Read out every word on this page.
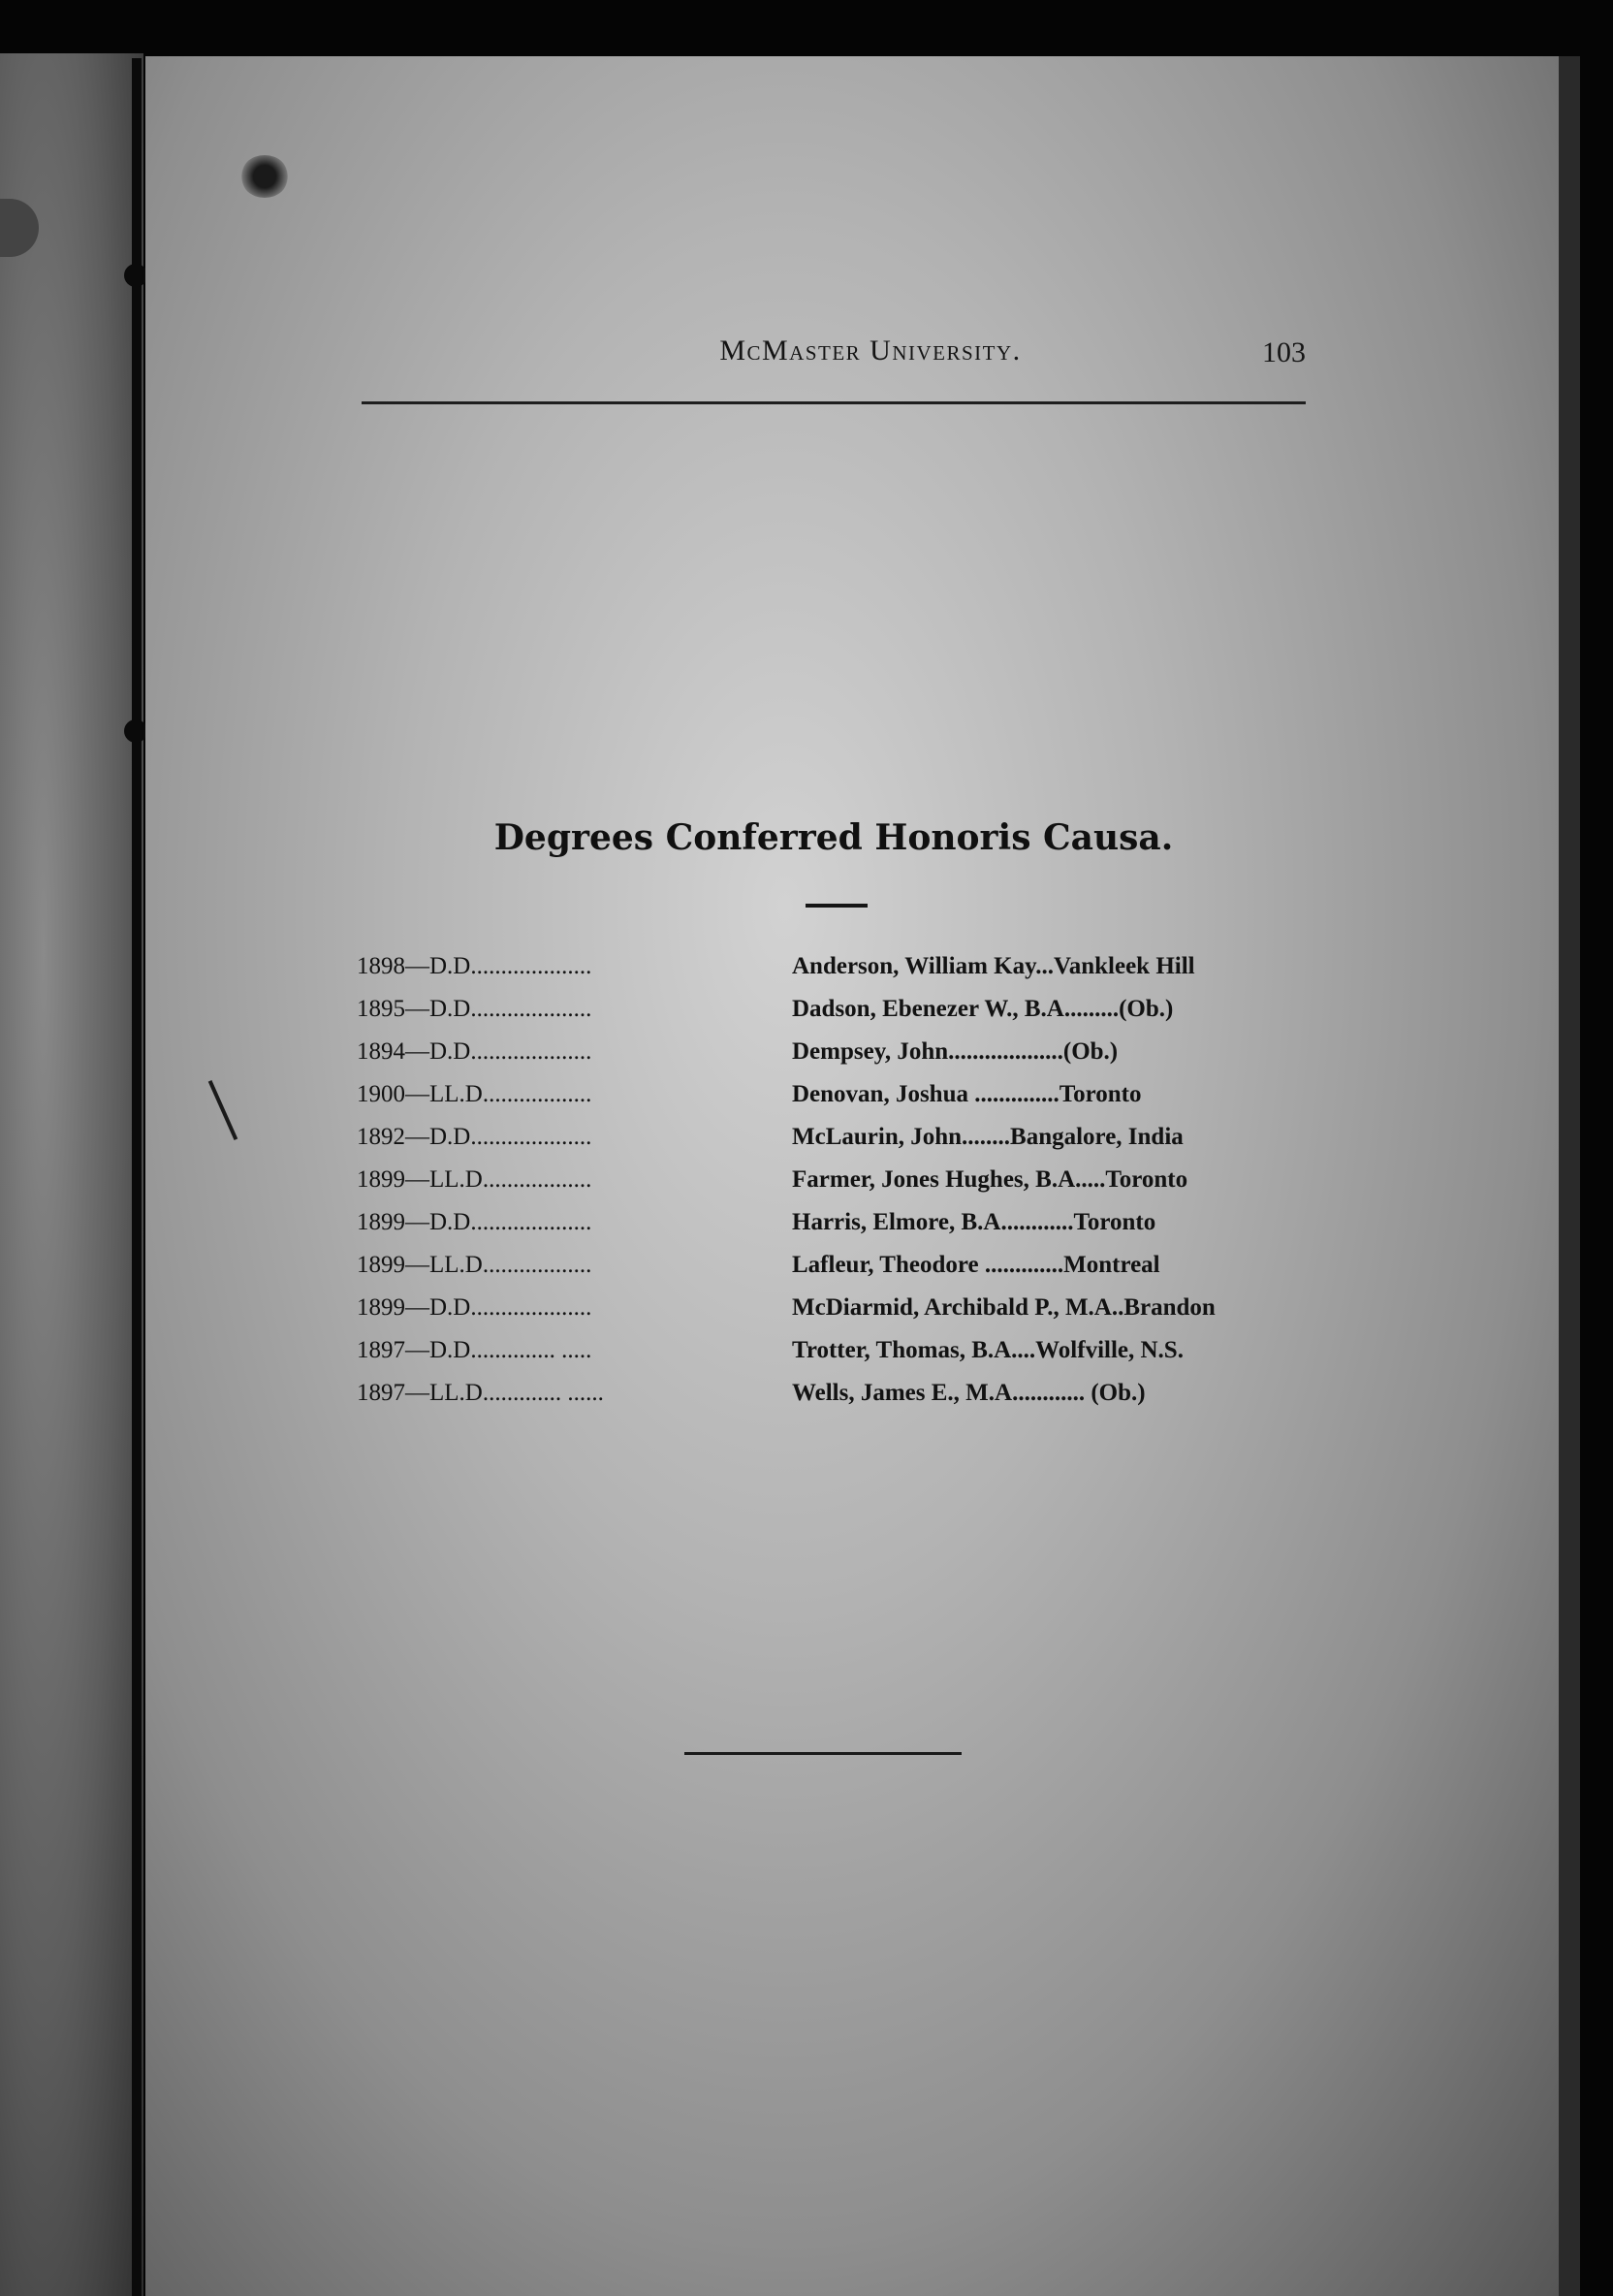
McMaster University.	103
Degrees Conferred Honoris Causa.
1898—D.D....................	Anderson, William Kay...Vankleek Hill
1895—D.D....................	Dadson, Ebenezer W., B.A.........(Ob.)
1894—D.D....................	Dempsey, John...................(Ob.)
1900—LL.D..................	Denovan, Joshua ..............Toronto
1892—D.D....................	McLaurin, John........Bangalore, India
1899—LL.D..................	Farmer, Jones Hughes, B.A.....Toronto
1899—D.D....................	Harris, Elmore, B.A............Toronto
1899—LL.D..................	Lafleur, Theodore .............Montreal
1899—D.D....................	McDiarmid, Archibald P., M.A..Brandon
1897—D.D.............. .....	Trotter, Thomas, B.A....Wolfville, N.S.
1897—LL.D............. ......	Wells, James E., M.A............ (Ob.)
